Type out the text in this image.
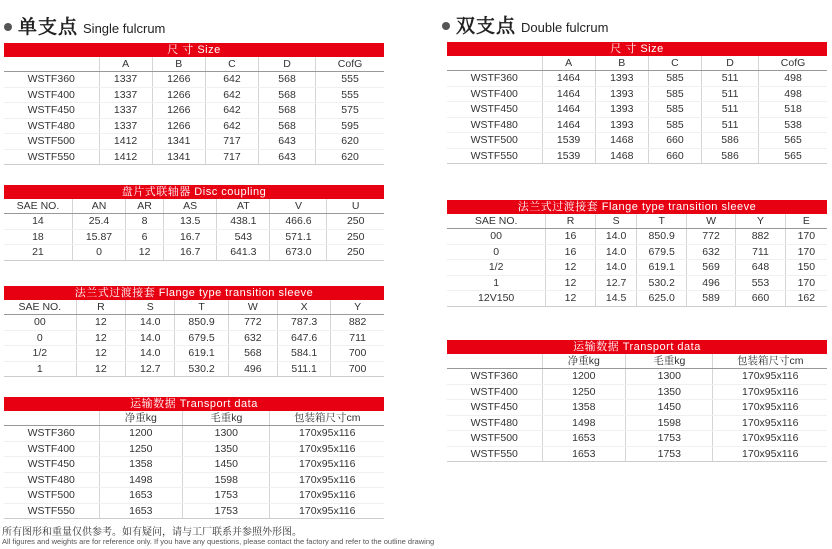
单支点 Single fulcrum
尺 寸 Size					
	A	B	C	D	CofG
WSTF360	1337	1266	642	568	555
WSTF400	1337	1266	642	568	555
WSTF450	1337	1266	642	568	575
WSTF480	1337	1266	642	568	595
WSTF500	1412	1341	717	643	620
WSTF550	1412	1341	717	643	620
盘片式联轴器 Disc coupling						
SAE NO.	AN	AR	AS	AT	V	U
14	25.4	8	13.5	438.1	466.6	250
18	15.87	6	16.7	543	571.1	250
21	0	12	16.7	641.3	673.0	250
法兰式过渡接套 Flange type transition sleeve						
SAE NO.	R	S	T	W	X	Y
00	12	14.0	850.9	772	787.3	882
0	12	14.0	679.5	632	647.6	711
1/2	12	14.0	619.1	568	584.1	700
1	12	12.7	530.2	496	511.1	700
运输数据 Transport data			
	净重kg	毛重kg	包装箱尺寸cm
WSTF360	1200	1300	170x95x116
WSTF400	1250	1350	170x95x116
WSTF450	1358	1450	170x95x116
WSTF480	1498	1598	170x95x116
WSTF500	1653	1753	170x95x116
WSTF550	1653	1753	170x95x116
双支点 Double fulcrum
尺 寸 Size					
	A	B	C	D	CofG
WSTF360	1464	1393	585	511	498
WSTF400	1464	1393	585	511	498
WSTF450	1464	1393	585	511	518
WSTF480	1464	1393	585	511	538
WSTF500	1539	1468	660	586	565
WSTF550	1539	1468	660	586	565
法兰式过渡接套 Flange type transition sleeve						
SAE NO.	R	S	T	W	Y	E
00	16	14.0	850.9	772	882	170
0	16	14.0	679.5	632	711	170
1/2	12	14.0	619.1	569	648	150
1	12	12.7	530.2	496	553	170
12V150	12	14.5	625.0	589	660	162
运输数据 Transport data			
	净重kg	毛重kg	包装箱尺寸cm
WSTF360	1200	1300	170x95x116
WSTF400	1250	1350	170x95x116
WSTF450	1358	1450	170x95x116
WSTF480	1498	1598	170x95x116
WSTF500	1653	1753	170x95x116
WSTF550	1653	1753	170x95x116
所有图形和重量仅供参考。如有疑问，请与工厂联系并参照外形图。
All figures and weights are for reference only. If you have any questions, please contact the factory and refer to the outline drawing
